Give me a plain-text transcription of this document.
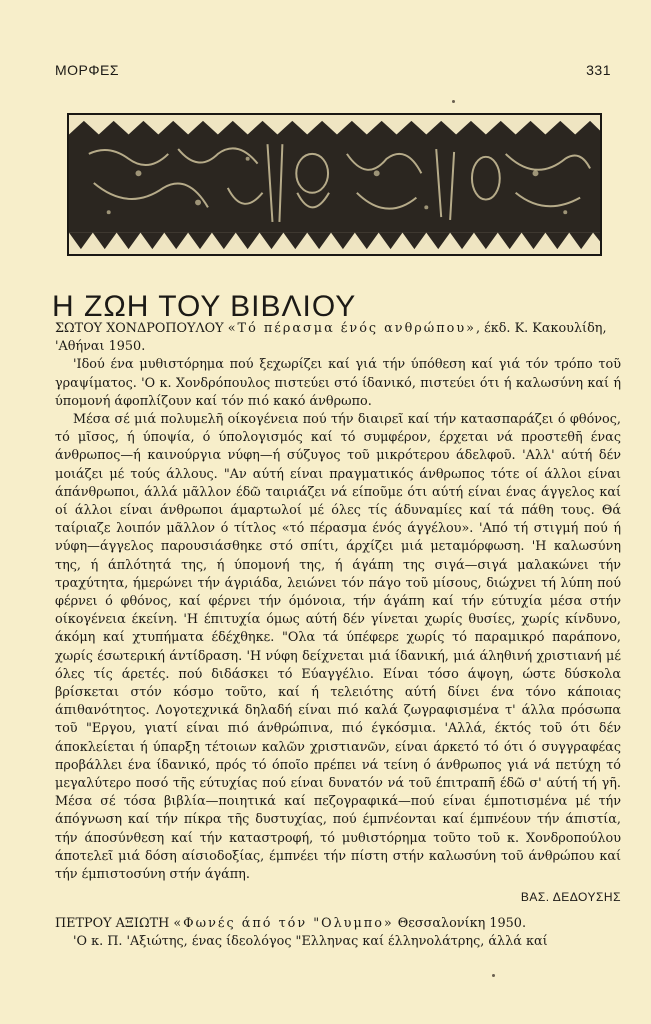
ΜΟΡΦΕΣ	331
Η ΖΩΗ ΤΟΥ ΒΙΒΛΙΟΥ

ΣΩΤΟΥ ΧΟΝΔΡΟΠΟΥΛΟΥ «Τό πέρασμα ένός ανθρώπου», έκδ. Κ. Κακουλίδη, 'Αθήναι 1950.

'Ιδού ένα μυθιστόρημα πού ξεχωρίζει καί γιά τήν ύπόθεση καί γιά τόν τρόπο τοῦ γραψίματος. 'Ο κ. Χονδρόπουλος πιστεύει στό ίδανικό, πιστεύει ότι ή καλωσύνη καί ή ύπομονή άφοπλίζουν καί τόν πιό κακό άνθρωπο.

Μέσα σέ μιά πολυμελῆ οίκογένεια πού τήν διαιρεῖ καί τήν κατασπαράζει ό φθόνος, τό μῖσος, ή ύποψία, ό ύπολογισμός καί τό συμφέρον, έρχεται νά προστεθῆ ένας άνθρωπος—ή καινούργια νύφη—ή σύζυγος τοῦ μικρότερου άδελφοῦ. 'Αλλ' αύτή δέν μοιάζει μέ τούς άλλους. "Αν αύτή είναι πραγματικός άνθρωπος τότε οί άλλοι είναι άπάνθρωποι, άλλά μᾶλλον έδῶ ταιριάζει νά είποῦμε ότι αύτή είναι ένας άγγελος καί οί άλλοι είναι άνθρωποι άμαρτωλοί μέ όλες τίς άδυναμίες καί τά πάθη τους. Θά ταίριαζε λοιπόν μᾶλλον ό τίτλος «τό πέρασμα ένός άγγέλου». 'Από τή στιγμή πού ή νύφη—άγγελος παρουσιάσθηκε στό σπίτι, άρχίζει μιά μεταμόρφωση. 'Η καλωσύνη της, ή άπλότητά της, ή ύπομονή της, ή άγάπη της σιγά—σιγά μαλακώνει τήν τραχύτητα, ήμερώνει τήν άγριάδα, λειώνει τόν πάγο τοῦ μίσους, διώχνει τή λύπη πού φέρνει ό φθόνος, καί φέρνει τήν όμόνοια, τήν άγάπη καί τήν εύτυχία μέσα στήν οίκογένεια έκείνη. 'Η έπιτυχία όμως αύτή δέν γίνεται χωρίς θυσίες, χωρίς κίνδυνο, άκόμη καί χτυπήματα έδέχθηκε. "Ολα τά ύπέφερε χωρίς τό παραμικρό παράπονο, χωρίς έσωτερική άντίδραση. 'Η νύφη δείχνεται μιά ίδανική, μιά άληθινή χριστιανή μέ όλες τίς άρετές. πού διδάσκει τό Εύαγγέλιο. Είναι τόσο άψογη, ώστε δύσκολα βρίσκεται στόν κόσμο τοῦτο, καί ή τελειότης αύτή δίνει ένα τόνο κάποιας άπιθανότητος. Λογοτεχνικά δηλαδή είναι πιό καλά ζωγραφισμένα τ' άλλα πρόσωπα τοῦ "Εργου, γιατί είναι πιό άνθρώπινα, πιό έγκόσμια. 'Αλλά, έκτός τοῦ ότι δέν άποκλείεται ή ύπαρξη τέτοιων καλῶν χριστιανῶν, είναι άρκετό τό ότι ό συγγραφέας προβάλλει ένα ίδανικό, πρός τό όποῖο πρέπει νά τείνη ό άνθρωπος γιά νά πετύχη τό μεγαλύτερο ποσό τῆς εύτυχίας πού είναι δυνατόν νά τοῦ έπιτραπῆ έδῶ σ' αύτή τή γῆ. Μέσα σέ τόσα βιβλία—ποιητικά καί πεζογραφικά—πού είναι έμποτισμένα μέ τήν άπόγνωση καί τήν πίκρα τῆς δυστυχίας, πού έμπνέονται καί έμπνέουν τήν άπιστία, τήν άποσύνθεση καί τήν καταστροφή, τό μυθιστόρημα τοῦτο τοῦ κ. Χονδροπούλου άποτελεῖ μιά δόση αίσιοδοξίας, έμπνέει τήν πίστη στήν καλωσύνη τοῦ άνθρώπου καί τήν έμπιστοσύνη στήν άγάπη.

ΒΑΣ. ΔΕΔΟΥΣΗΣ

ΠΕΤΡΟΥ ΑΞΙΩΤΗ «Φωνές άπό τόν "Ολυμπο» Θεσσαλονίκη 1950.

'Ο κ. Π. 'Αξιώτης, ένας ίδεολόγος "Ελληνας καί έλληνολάτρης, άλλά καί
